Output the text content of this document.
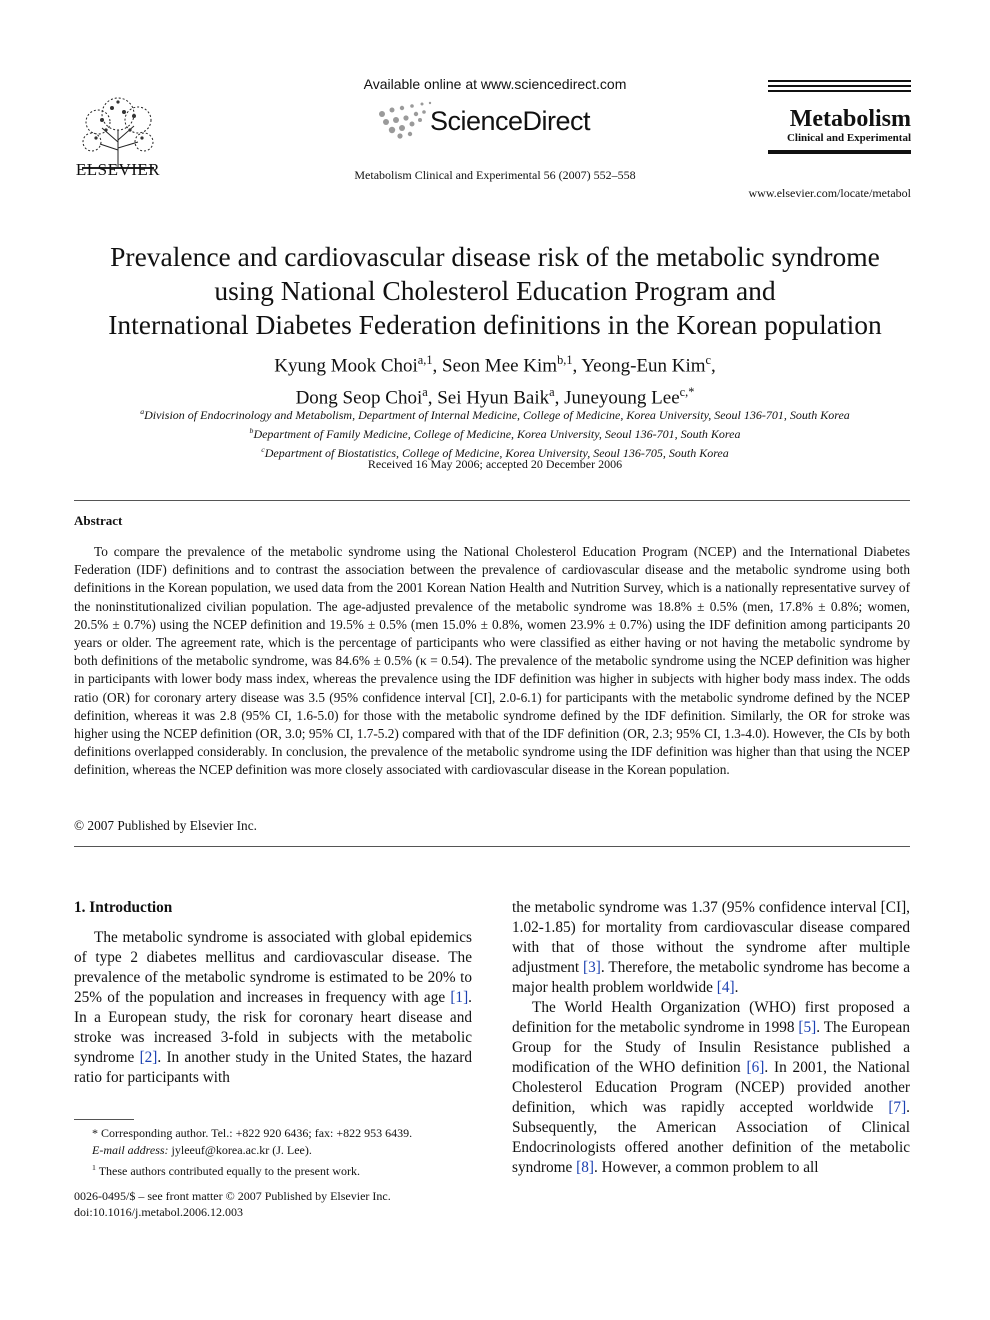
ELSEVIER
Available online at www.sciencedirect.com
ScienceDirect
Metabolism Clinical and Experimental 56 (2007) 552–558
Metabolism
Clinical and Experimental
www.elsevier.com/locate/metabol
Prevalence and cardiovascular disease risk of the metabolic syndrome
using National Cholesterol Education Program and
International Diabetes Federation definitions in the Korean population
Kyung Mook Choi$^{a,1}$, Seon Mee Kim$^{b,1}$, Yeong-Eun Kim$^c$,
Dong Seop Choi$^a$, Sei Hyun Baik$^a$, Juneyoung Lee$^{c,*}$
$^a$Division of Endocrinology and Metabolism, Department of Internal Medicine, College of Medicine, Korea University, Seoul 136-701, South Korea
$^b$Department of Family Medicine, College of Medicine, Korea University, Seoul 136-701, South Korea
$^c$Department of Biostatistics, College of Medicine, Korea University, Seoul 136-705, South Korea
Received 16 May 2006; accepted 20 December 2006
Abstract
To compare the prevalence of the metabolic syndrome using the National Cholesterol Education Program (NCEP) and the International Diabetes Federation (IDF) definitions and to contrast the association between the prevalence of cardiovascular disease and the metabolic syndrome using both definitions in the Korean population, we used data from the 2001 Korean Nation Health and Nutrition Survey, which is a nationally representative survey of the noninstitutionalized civilian population. The age-adjusted prevalence of the metabolic syndrome was 18.8% ± 0.5% (men, 17.8% ± 0.8%; women, 20.5% ± 0.7%) using the NCEP definition and 19.5% ± 0.5% (men 15.0% ± 0.8%, women 23.9% ± 0.7%) using the IDF definition among participants 20 years or older. The agreement rate, which is the percentage of participants who were classified as either having or not having the metabolic syndrome by both definitions of the metabolic syndrome, was 84.6% ± 0.5% (κ = 0.54). The prevalence of the metabolic syndrome using the NCEP definition was higher in participants with lower body mass index, whereas the prevalence using the IDF definition was higher in subjects with higher body mass index. The odds ratio (OR) for coronary artery disease was 3.5 (95% confidence interval [CI], 2.0-6.1) for participants with the metabolic syndrome defined by the NCEP definition, whereas it was 2.8 (95% CI, 1.6-5.0) for those with the metabolic syndrome defined by the IDF definition. Similarly, the OR for stroke was higher using the NCEP definition (OR, 3.0; 95% CI, 1.7-5.2) compared with that of the IDF definition (OR, 2.3; 95% CI, 1.3-4.0). However, the CIs by both definitions overlapped considerably. In conclusion, the prevalence of the metabolic syndrome using the IDF definition was higher than that using the NCEP definition, whereas the NCEP definition was more closely associated with cardiovascular disease in the Korean population.
© 2007 Published by Elsevier Inc.
1. Introduction

The metabolic syndrome is associated with global epidemics of type 2 diabetes mellitus and cardiovascular disease. The prevalence of the metabolic syndrome is estimated to be 20% to 25% of the population and increases in frequency with age [1]. In a European study, the risk for coronary heart disease and stroke was increased 3-fold in subjects with the metabolic syndrome [2]. In another study in the United States, the hazard ratio for participants with

the metabolic syndrome was 1.37 (95% confidence interval [CI], 1.02-1.85) for mortality from cardiovascular disease compared with that of those without the syndrome after multiple adjustment [3]. Therefore, the metabolic syndrome has become a major health problem worldwide [4].

The World Health Organization (WHO) first proposed a definition for the metabolic syndrome in 1998 [5]. The European Group for the Study of Insulin Resistance published a modification of the WHO definition [6]. In 2001, the National Cholesterol Education Program (NCEP) provided another definition, which was rapidly accepted worldwide [7]. Subsequently, the American Association of Clinical Endocrinologists offered another definition of the metabolic syndrome [8]. However, a common problem to all

* Corresponding author. Tel.: +822 920 6436; fax: +822 953 6439.
E-mail address: jyleeuf@korea.ac.kr (J. Lee).
$^1$ These authors contributed equally to the present work.
0026-0495/$ – see front matter © 2007 Published by Elsevier Inc.
doi:10.1016/j.metabol.2006.12.003
